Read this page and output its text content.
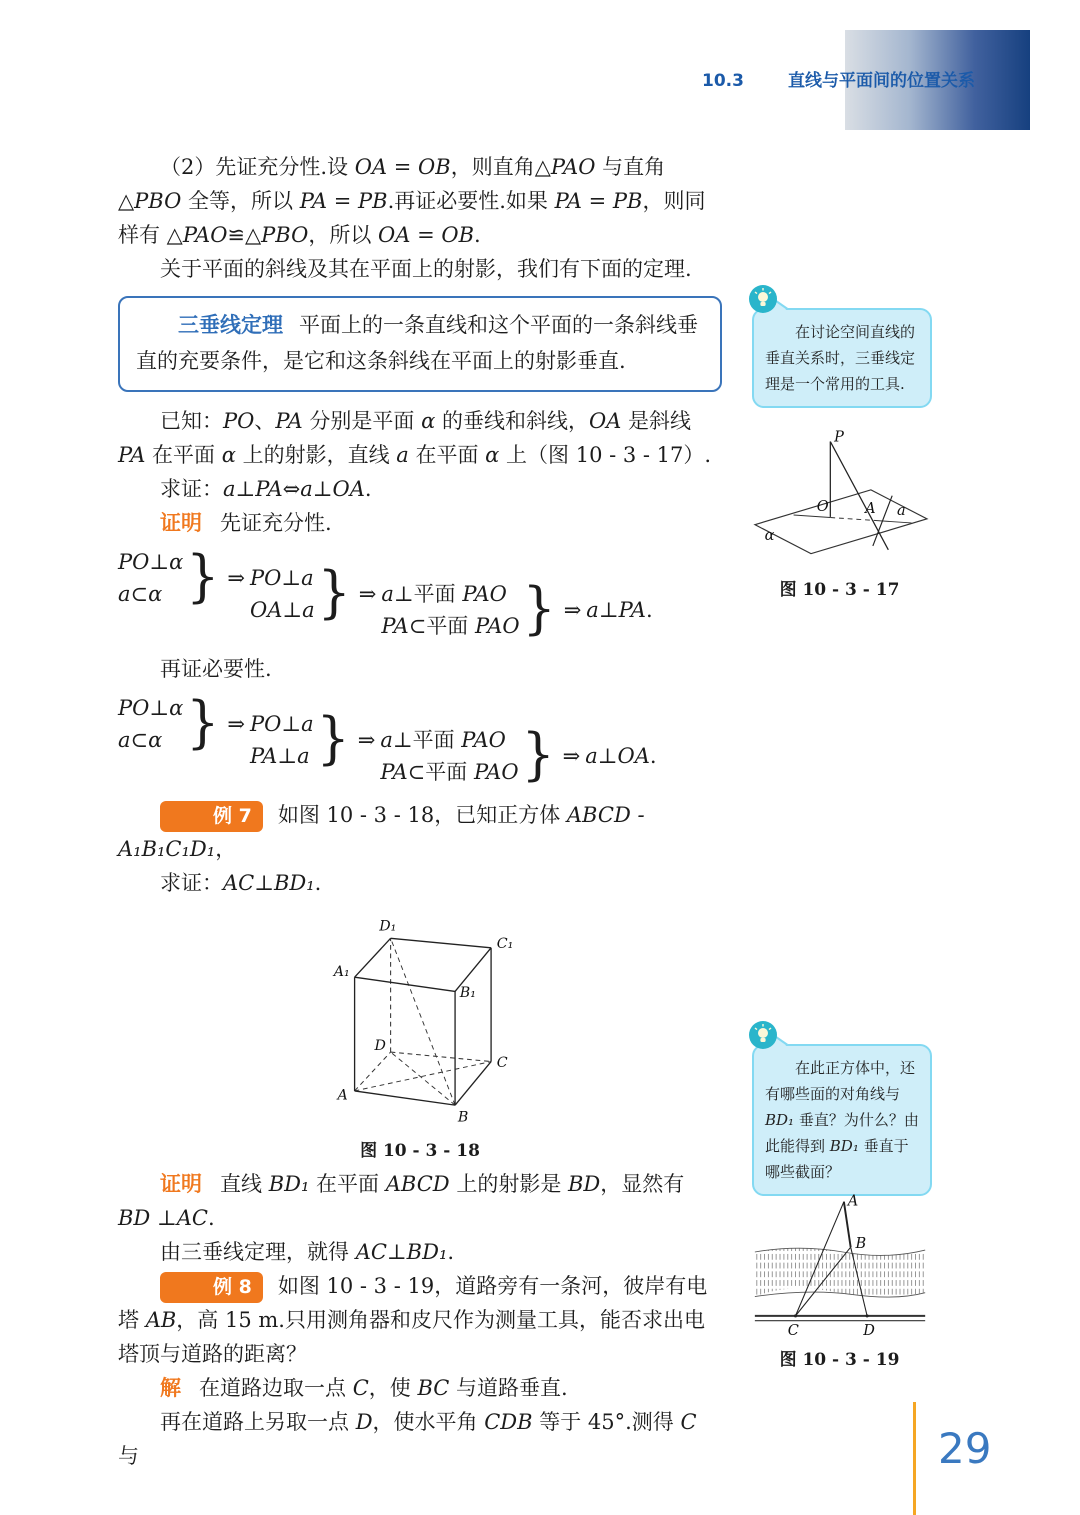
10.3	直线与平面间的位置关系

（2）先证充分性.设 OA = OB，则直角△PAO 与直角△PBO 全等，所以 PA = PB.再证必要性.如果 PA = PB，则同样有 △PAO≌△PBO，所以 OA = OB.

关于平面的斜线及其在平面上的射影，我们有下面的定理.

三垂线定理 平面上的一条直线和这个平面的一条斜线垂直的充要条件，是它和这条斜线在平面上的射影垂直.

已知：PO、PA 分别是平面 α 的垂线和斜线，OA 是斜线 PA 在平面 α 上的射影，直线 a 在平面 α 上（图 10 - 3 - 17）.

求证：a⊥PA⇔a⊥OA.

证明 先证充分性.

PO⊥α
a⊂α } ⇒ PO⊥a
OA⊥a } ⇒ a⊥平面 PAO
PA⊂平面 PAO } ⇒ a⊥PA.

再证必要性.

PO⊥α
a⊂α } ⇒ PO⊥a
PA⊥a } ⇒ a⊥平面 PAO
PA⊂平面 PAO } ⇒ a⊥OA.

例 7 如图 10 - 3 - 18，已知正方体 ABCD - A₁B₁C₁D₁，

求证：AC⊥BD₁.

A
B
C
D
A₁
B₁
C₁
D₁
图 10 - 3 - 18

证明 直线 BD₁ 在平面 ABCD 上的射影是 BD，显然有 BD ⊥AC.

由三垂线定理，就得 AC⊥BD₁.

例 8 如图 10 - 3 - 19，道路旁有一条河，彼岸有电塔 AB，高 15 m.只用测角器和皮尺作为测量工具，能否求出电塔顶与道路的距离？

解 在道路边取一点 C，使 BC 与道路垂直.

再在道路上另取一点 D，使水平角 CDB 等于 45°.测得 C 与

在讨论空间直线的垂直关系时，三垂线定理是一个常用的工具.
P
O A a
α
图 10 - 3 - 17
在此正方体中，还有哪些面的对角线与 BD₁ 垂直？为什么？由此能得到 BD₁ 垂直于哪些截面？
A
B
C	D
图 10 - 3 - 19
29
